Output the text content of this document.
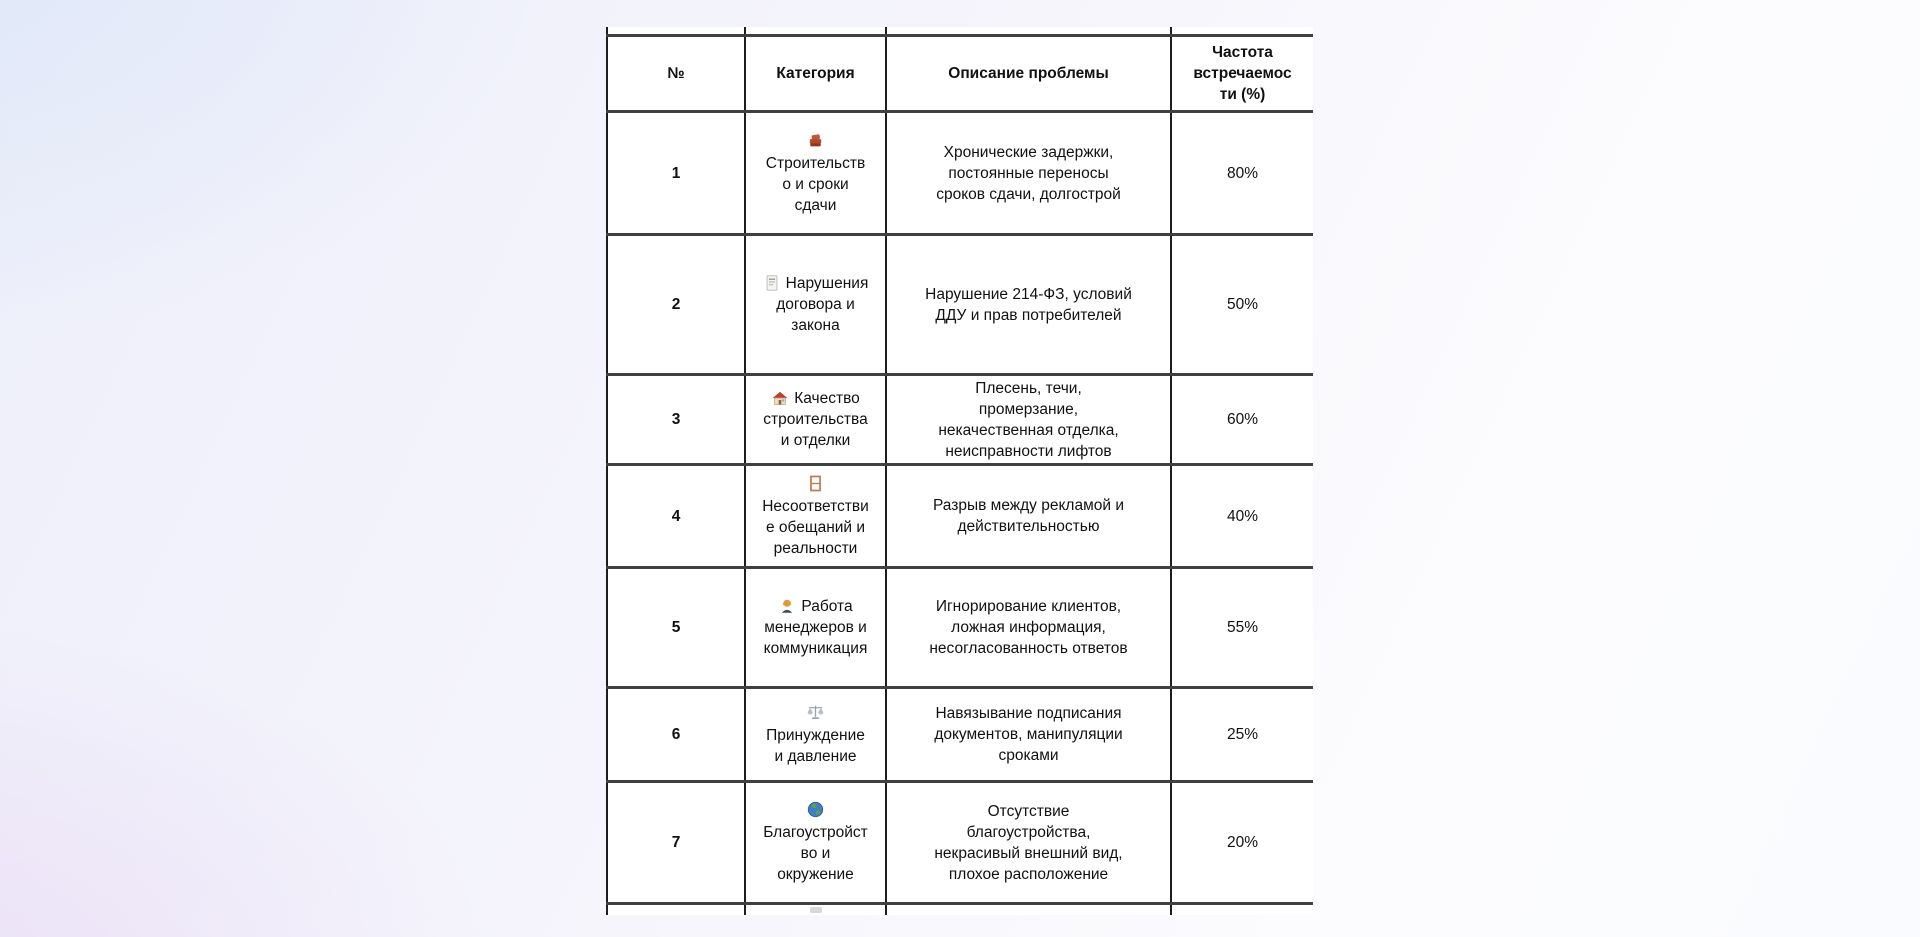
№	Категория	Описание проблемы	Частота встречаемости (%)
1	Строительство и сроки сдачи	Хронические задержки, постоянные переносы сроков сдачи, долгострой	80%
2	Нарушения договора и закона	Нарушение 214-ФЗ, условий ДДУ и прав потребителей	50%
3	Качество строительства и отделки	Плесень, течи, промерзание, некачественная отделка, неисправности лифтов	60%
4	Несоответствие обещаний и реальности	Разрыв между рекламой и действительностью	40%
5	Работа менеджеров и коммуникация	Игнорирование клиентов, ложная информация, несогласованность ответов	55%
6	Принуждение и давление	Навязывание подписания документов, манипуляции сроками	25%
7	Благоустройство и окружение	Отсутствие благоустройства, некрасивый внешний вид, плохое расположение	20%
